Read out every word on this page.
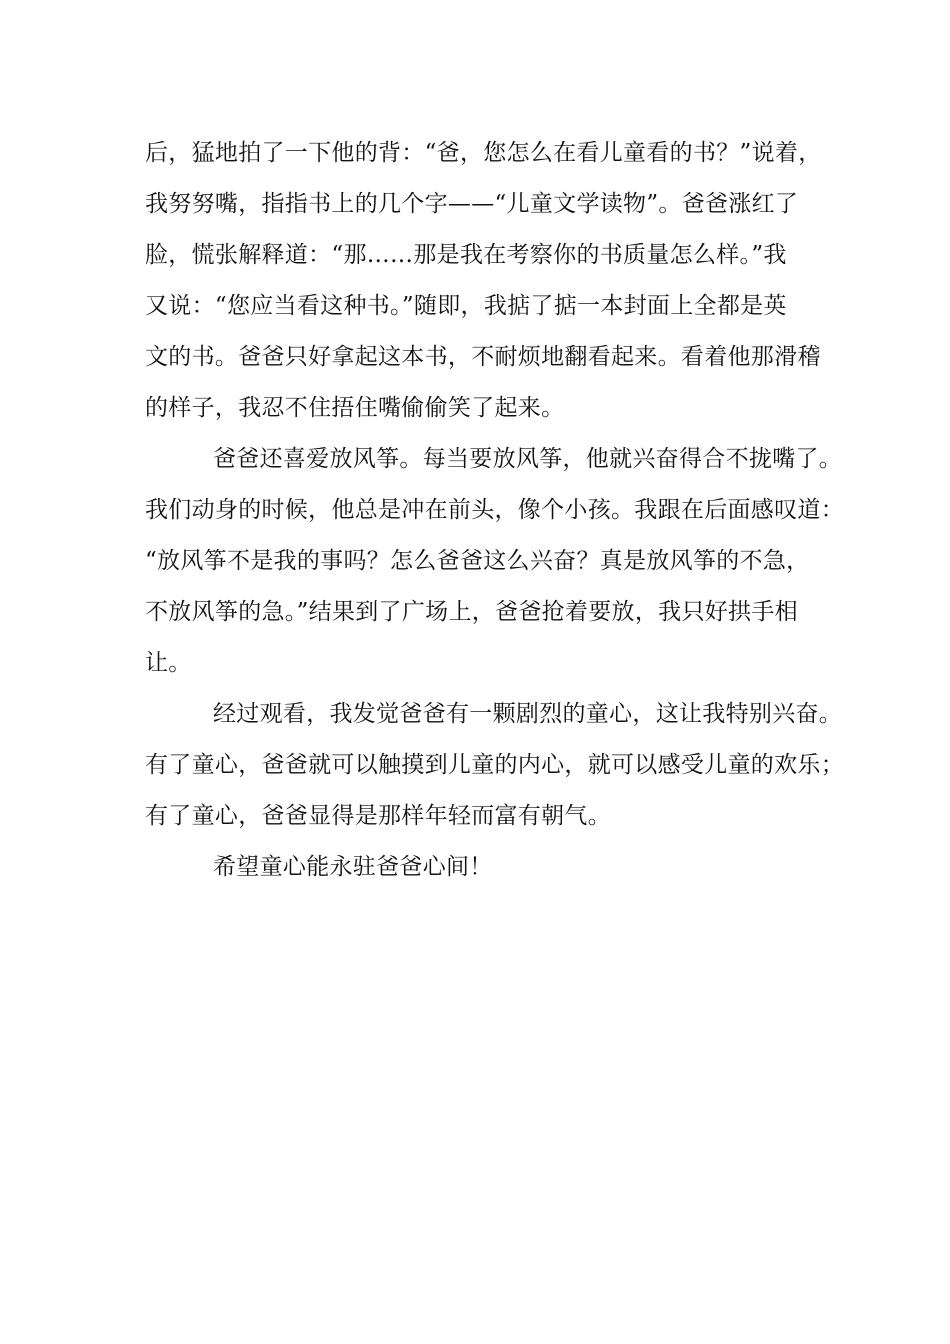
后，猛地拍了一下他的背：“爸，您怎么在看儿童看的书？”说着，
我努努嘴，指指书上的几个字——“儿童文学读物”。爸爸涨红了
脸，慌张解释道：“那……那是我在考察你的书质量怎么样。”我
又说：“您应当看这种书。”随即，我掂了掂一本封面上全都是英
文的书。爸爸只好拿起这本书，不耐烦地翻看起来。看着他那滑稽
的样子，我忍不住捂住嘴偷偷笑了起来。
爸爸还喜爱放风筝。每当要放风筝，他就兴奋得合不拢嘴了。
我们动身的时候，他总是冲在前头，像个小孩。我跟在后面感叹道：
“放风筝不是我的事吗？怎么爸爸这么兴奋？真是放风筝的不急，
不放风筝的急。”结果到了广场上，爸爸抢着要放，我只好拱手相
让。
经过观看，我发觉爸爸有一颗剧烈的童心，这让我特别兴奋。
有了童心，爸爸就可以触摸到儿童的内心，就可以感受儿童的欢乐；
有了童心，爸爸显得是那样年轻而富有朝气。
希望童心能永驻爸爸心间！
